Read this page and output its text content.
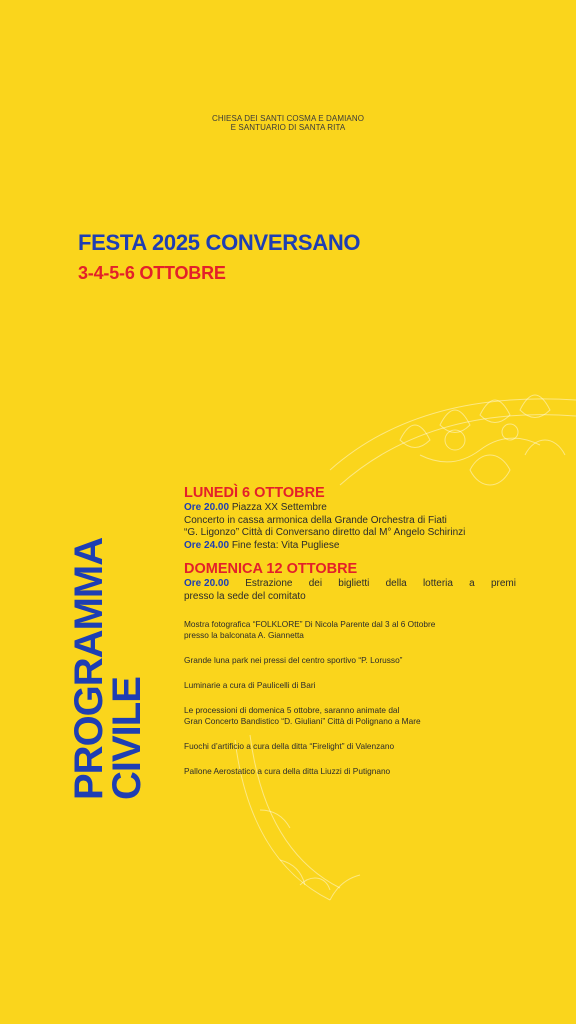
CHIESA DEI SANTI COSMA E DAMIANO
E SANTUARIO DI SANTA RITA
FESTA 2025 CONVERSANO
3-4-5-6 OTTOBRE
PROGRAMMA
CIVILE
LUNEDÌ 6 OTTOBRE
Ore 20.00 Piazza XX Settembre
Concerto in cassa armonica della Grande Orchestra di Fiati
“G. Ligonzo” Città di Conversano diretto dal M° Angelo Schirinzi
Ore 24.00 Fine festa: Vita Pugliese
DOMENICA 12 OTTOBRE
Ore 20.00 Estrazione dei biglietti della lotteria a premi
presso la sede del comitato
Mostra fotografica “FOLKLORE” Di Nicola Parente dal 3 al 6 Ottobre
presso la balconata A. Giannetta
Grande luna park nei pressi del centro sportivo “P. Lorusso”
Luminarie a cura di Paulicelli di Bari
Le processioni di domenica 5 ottobre, saranno animate dal
Gran Concerto Bandistico “D. Giuliani” Città di Polignano a Mare
Fuochi d’artificio a cura della ditta “Firelight” di Valenzano
Pallone Aerostatico a cura della ditta Liuzzi di Putignano
